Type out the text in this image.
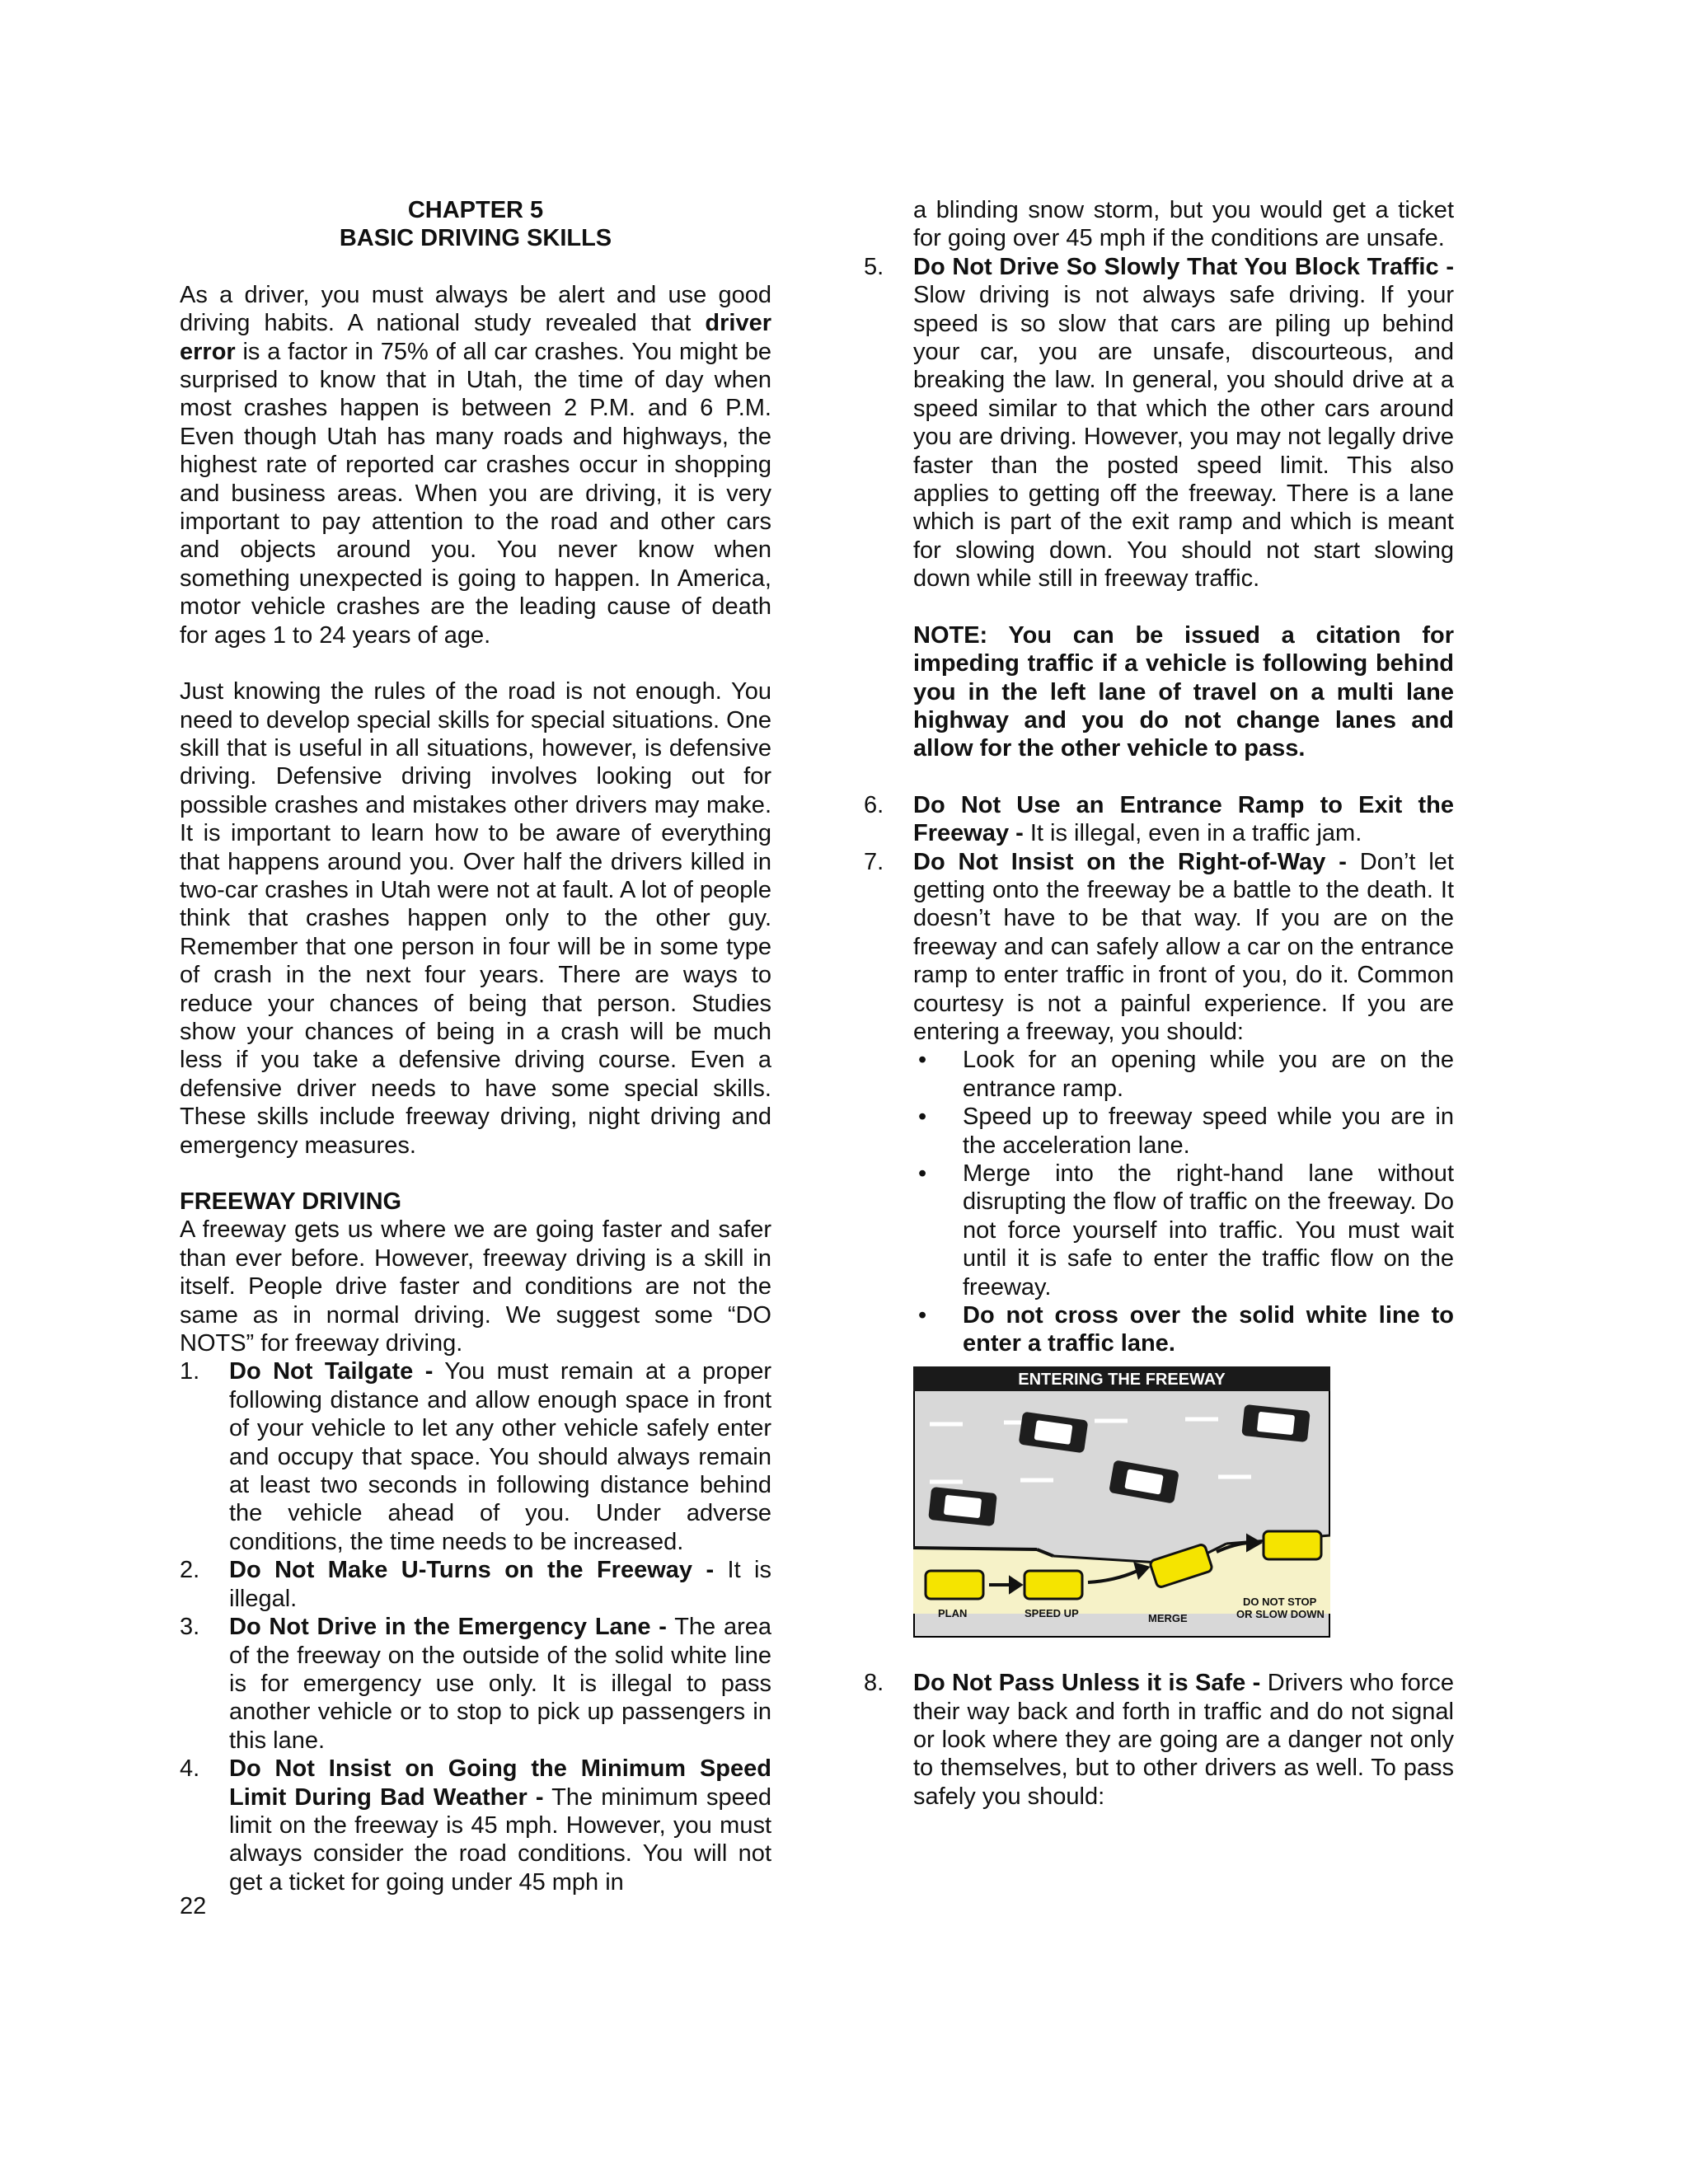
CHAPTER 5

BASIC DRIVING SKILLS

As a driver, you must always be alert and use good driving habits. A national study revealed that driver error is a factor in 75% of all car crashes. You might be surprised to know that in Utah, the time of day when most crashes happen is between 2 P.M. and 6 P.M. Even though Utah has many roads and highways, the highest rate of reported car crashes occur in shopping and business areas. When you are driving, it is very important to pay attention to the road and other cars and objects around you. You never know when something unexpected is going to happen. In America, motor vehicle crashes are the leading cause of death for ages 1 to 24 years of age.

Just knowing the rules of the road is not enough. You need to develop special skills for special situations. One skill that is useful in all situations, however, is defensive driving. Defensive driving involves looking out for possible crashes and mistakes other drivers may make. It is important to learn how to be aware of everything that happens around you. Over half the drivers killed in two-car crashes in Utah were not at fault. A lot of people think that crashes happen only to the other guy. Remember that one person in four will be in some type of crash in the next four years. There are ways to reduce your chances of being that person. Studies show your chances of being in a crash will be much less if you take a defensive driving course. Even a defensive driver needs to have some special skills. These skills include freeway driving, night driving and emergency measures.

FREEWAY DRIVING

A freeway gets us where we are going faster and safer than ever before. However, freeway driving is a skill in itself. People drive faster and conditions are not the same as in normal driving. We suggest some “DO NOTS” for freeway driving.

1. Do Not Tailgate - You must remain at a proper following distance and allow enough space in front of your vehicle to let any other vehicle safely enter and occupy that space. You should always remain at least two seconds in following distance behind the vehicle ahead of you. Under adverse conditions, the time needs to be increased.
2. Do Not Make U-Turns on the Freeway - It is illegal.
3. Do Not Drive in the Emergency Lane - The area of the freeway on the outside of the solid white line is for emergency use only. It is illegal to pass another vehicle or to stop to pick up passengers in this lane.
4. Do Not Insist on Going the Minimum Speed Limit During Bad Weather - The minimum speed limit on the freeway is 45 mph. However, you must always consider the road conditions. You will not get a ticket for going under 45 mph in
22
a blinding snow storm, but you would get a ticket for going over 45 mph if the conditions are unsafe.
5. Do Not Drive So Slowly That You Block Traffic - Slow driving is not always safe driving. If your speed is so slow that cars are piling up behind your car, you are unsafe, discourteous, and breaking the law. In general, you should drive at a speed similar to that which the other cars around you are driving. However, you may not legally drive faster than the posted speed limit. This also applies to getting off the freeway. There is a lane which is part of the exit ramp and which is meant for slowing down. You should not start slowing down while still in freeway traffic.
NOTE: You can be issued a citation for impeding traffic if a vehicle is following behind you in the left lane of travel on a multi lane highway and you do not change lanes and allow for the other vehicle to pass.
6. Do Not Use an Entrance Ramp to Exit the Freeway - It is illegal, even in a traffic jam.
7. Do Not Insist on the Right-of-Way - Don’t let getting onto the freeway be a battle to the death. It doesn’t have to be that way. If you are on the freeway and can safely allow a car on the entrance ramp to enter traffic in front of you, do it. Common courtesy is not a painful experience. If you are entering a freeway, you should:
• Look for an opening while you are on the entrance ramp.
• Speed up to freeway speed while you are in the acceleration lane.
• Merge into the right-hand lane without disrupting the flow of traffic on the freeway. Do not force yourself into traffic. You must wait until it is safe to enter the traffic flow on the freeway.
• Do not cross over the solid white line to enter a traffic lane.
ENTERING THE FREEWAY
PLAN	SPEED UP	MERGE
DO NOT STOP
OR SLOW DOWN
8. Do Not Pass Unless it is Safe - Drivers who force their way back and forth in traffic and do not signal or look where they are going are a danger not only to themselves, but to other drivers as well. To pass safely you should:
